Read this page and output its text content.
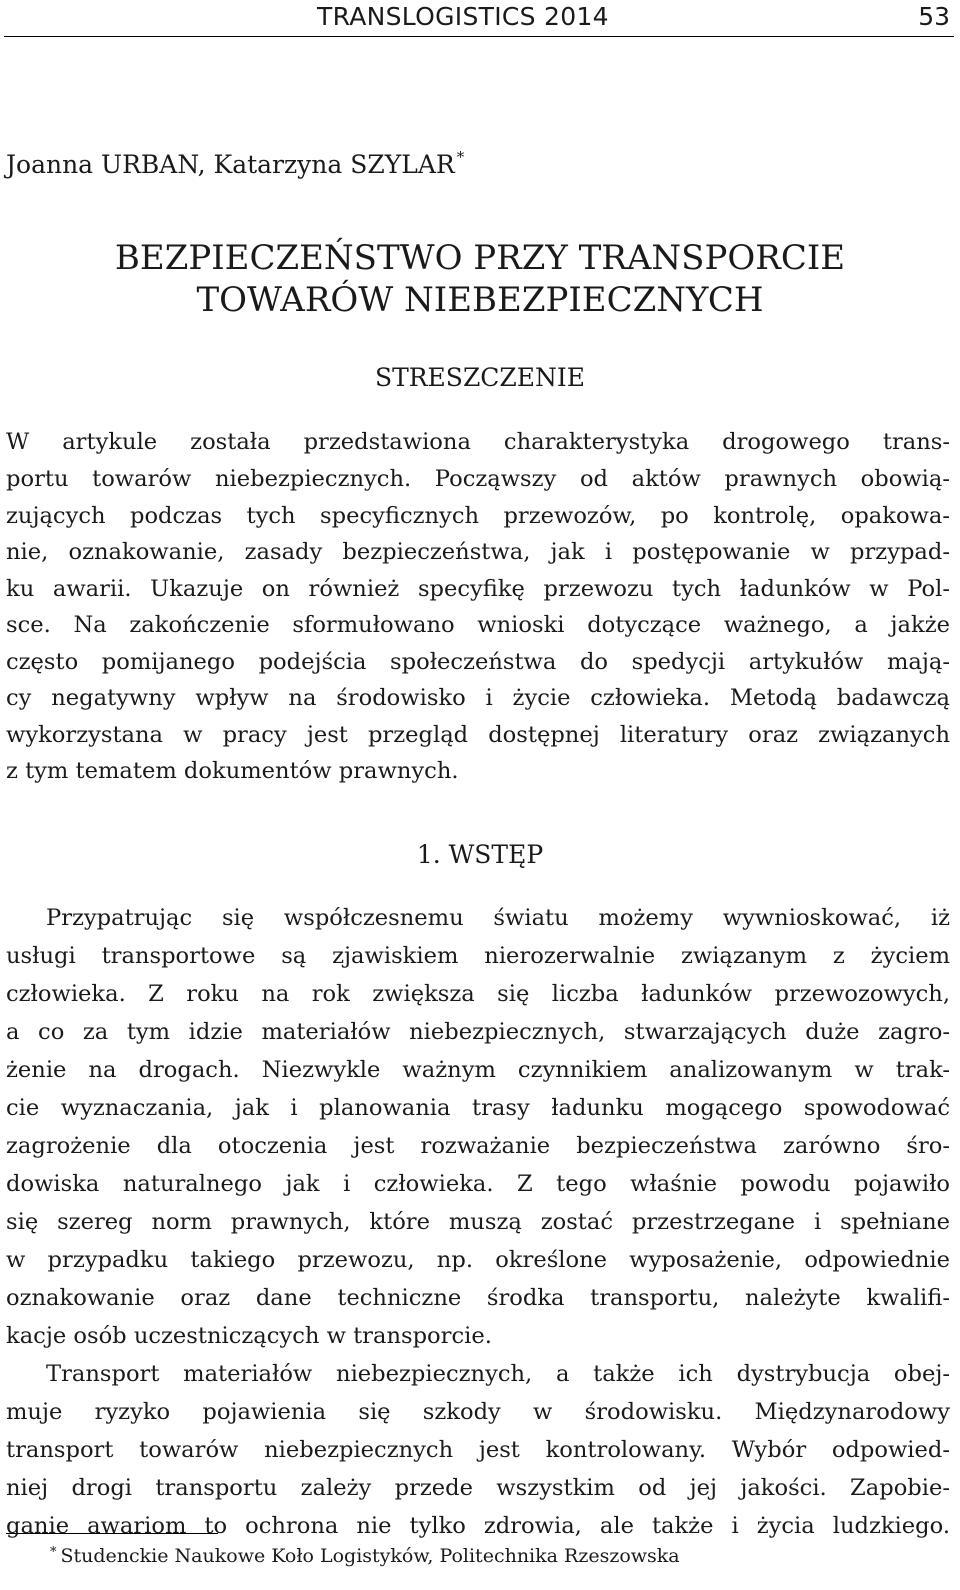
TRANSLOGISTICS 2014	53
Joanna URBAN, Katarzyna SZYLAR *
BEZPIECZEŃSTWO PRZY TRANSPORCIE
TOWARÓW NIEBEZPIECZNYCH
STRESZCZENIE
W artykule została przedstawiona charakterystyka drogowego trans-
portu towarów niebezpiecznych. Począwszy od aktów prawnych obowią-
zujących podczas tych specyficznych przewozów, po kontrolę, opakowa-
nie, oznakowanie, zasady bezpieczeństwa, jak i postępowanie w przypad-
ku awarii. Ukazuje on również specyfikę przewozu tych ładunków w Pol-
sce. Na zakończenie sformułowano wnioski dotyczące ważnego, a jakże
często pomijanego podejścia społeczeństwa do spedycji artykułów mają-
cy negatywny wpływ na środowisko i życie człowieka. Metodą badawczą
wykorzystana w pracy jest przegląd dostępnej literatury oraz związanych
z tym tematem dokumentów prawnych.
1. WSTĘP
Przypatrując się współczesnemu światu możemy wywnioskować, iż
usługi transportowe są zjawiskiem nierozerwalnie związanym z życiem
człowieka. Z roku na rok zwiększa się liczba ładunków przewozowych,
a co za tym idzie materiałów niebezpiecznych, stwarzających duże zagro-
żenie na drogach. Niezwykle ważnym czynnikiem analizowanym w trak-
cie wyznaczania, jak i planowania trasy ładunku mogącego spowodować
zagrożenie dla otoczenia jest rozważanie bezpieczeństwa zarówno śro-
dowiska naturalnego jak i człowieka. Z tego właśnie powodu pojawiło
się szereg norm prawnych, które muszą zostać przestrzegane i spełniane
w przypadku takiego przewozu, np. określone wyposażenie, odpowiednie
oznakowanie oraz dane techniczne środka transportu, należyte kwalifi-
kacje osób uczestniczących w transporcie.
Transport materiałów niebezpiecznych, a także ich dystrybucja obej-
muje ryzyko pojawienia się szkody w środowisku. Międzynarodowy
transport towarów niebezpiecznych jest kontrolowany. Wybór odpowied-
niej drogi transportu zależy przede wszystkim od jej jakości. Zapobie-
ganie awariom to ochrona nie tylko zdrowia, ale także i życia ludzkiego.
* Studenckie Naukowe Koło Logistyków, Politechnika Rzeszowska
